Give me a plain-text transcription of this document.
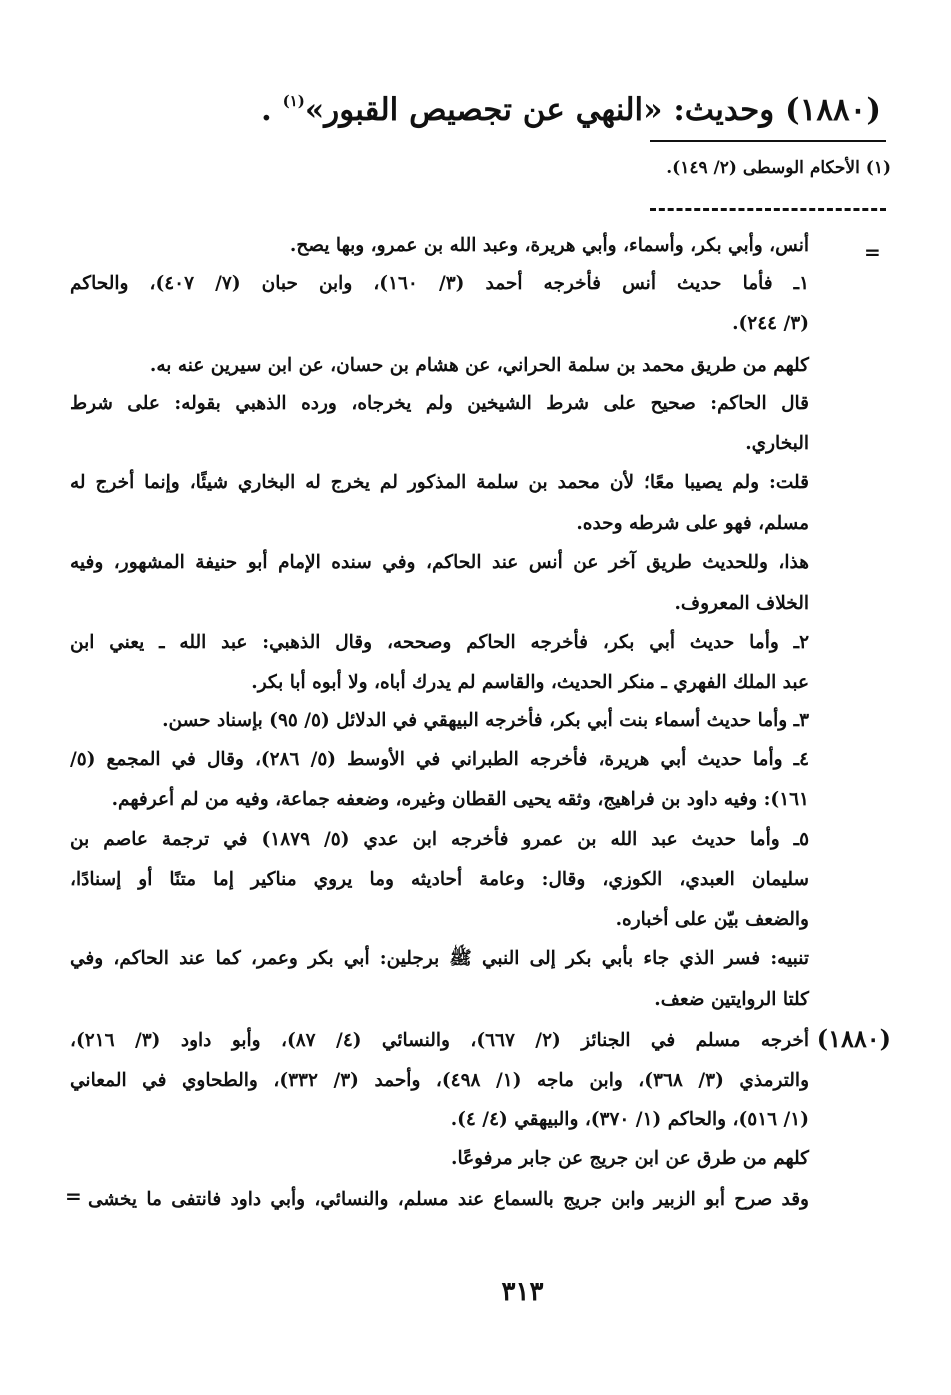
(١٨٨٠) وحديث: «النهي عن تجصيص القبور»$^{(١)}$ .
(١) الأحكام الوسطى (٢/ ١٤٩).
=
أنس، وأبي بكر، وأسماء، وأبي هريرة، وعبد الله بن عمرو، وبها يصح.
١ـ فأما حديث أنس فأخرجه أحمد (٣/ ١٦٠)، وابن حبان (٧/ ٤٠٧)، والحاكم
(٣/ ٢٤٤).
كلهم من طريق محمد بن سلمة الحراني، عن هشام بن حسان، عن ابن سيرين عنه به.
قال الحاكم: صحيح على شرط الشيخين ولم يخرجاه، ورده الذهبي بقوله: على شرط
البخاري.
قلت: ولم يصيبا معًا؛ لأن محمد بن سلمة المذكور لم يخرج له البخاري شيئًا، وإنما أخرج له
مسلم، فهو على شرطه وحده.
هذا، وللحديث طريق آخر عن أنس عند الحاكم، وفي سنده الإمام أبو حنيفة المشهور، وفيه
الخلاف المعروف.
٢ـ وأما حديث أبي بكر، فأخرجه الحاكم وصححه، وقال الذهبي: عبد الله ـ يعني ابن
عبد الملك الفهري ـ منكر الحديث، والقاسم لم يدرك أباه، ولا أبوه أبا بكر.
٣ـ وأما حديث أسماء بنت أبي بكر، فأخرجه البيهقي في الدلائل (٥/ ٩٥) بإسناد حسن.
٤ـ وأما حديث أبي هريرة، فأخرجه الطبراني في الأوسط (٥/ ٢٨٦)، وقال في المجمع (٥/
١٦١): وفيه داود بن فراهيج، وثقه يحيى القطان وغيره، وضعفه جماعة، وفيه من لم أعرفهم.
٥ـ وأما حديث عبد الله بن عمرو فأخرجه ابن عدي (٥/ ١٨٧٩) في ترجمة عاصم بن
سليمان العبدي، الكوزي، وقال: وعامة أحاديثه وما يروي مناكير إما متنًا أو إسنادًا،
والضعف بيّن على أخباره.
تنبيه: فسر الذي جاء بأبي بكر إلى النبي ﷺ برجلين: أبي بكر وعمر، كما عند الحاكم، وفي
كلتا الروايتين ضعف.
(١٨٨٠)
أخرجه مسلم في الجنائز (٢/ ٦٦٧)، والنسائي (٤/ ٨٧)، وأبو داود (٣/ ٢١٦)،
والترمذي (٣/ ٣٦٨)، وابن ماجه (١/ ٤٩٨)، وأحمد (٣/ ٣٣٢)، والطحاوي في المعاني
(١/ ٥١٦)، والحاكم (١/ ٣٧٠)، والبيهقي (٤/ ٤).
كلهم من طرق عن ابن جريج عن جابر مرفوعًا.
وقد صرح أبو الزبير وابن جريج بالسماع عند مسلم، والنسائي، وأبي داود فانتفى ما يخشى
=
٣١٣
